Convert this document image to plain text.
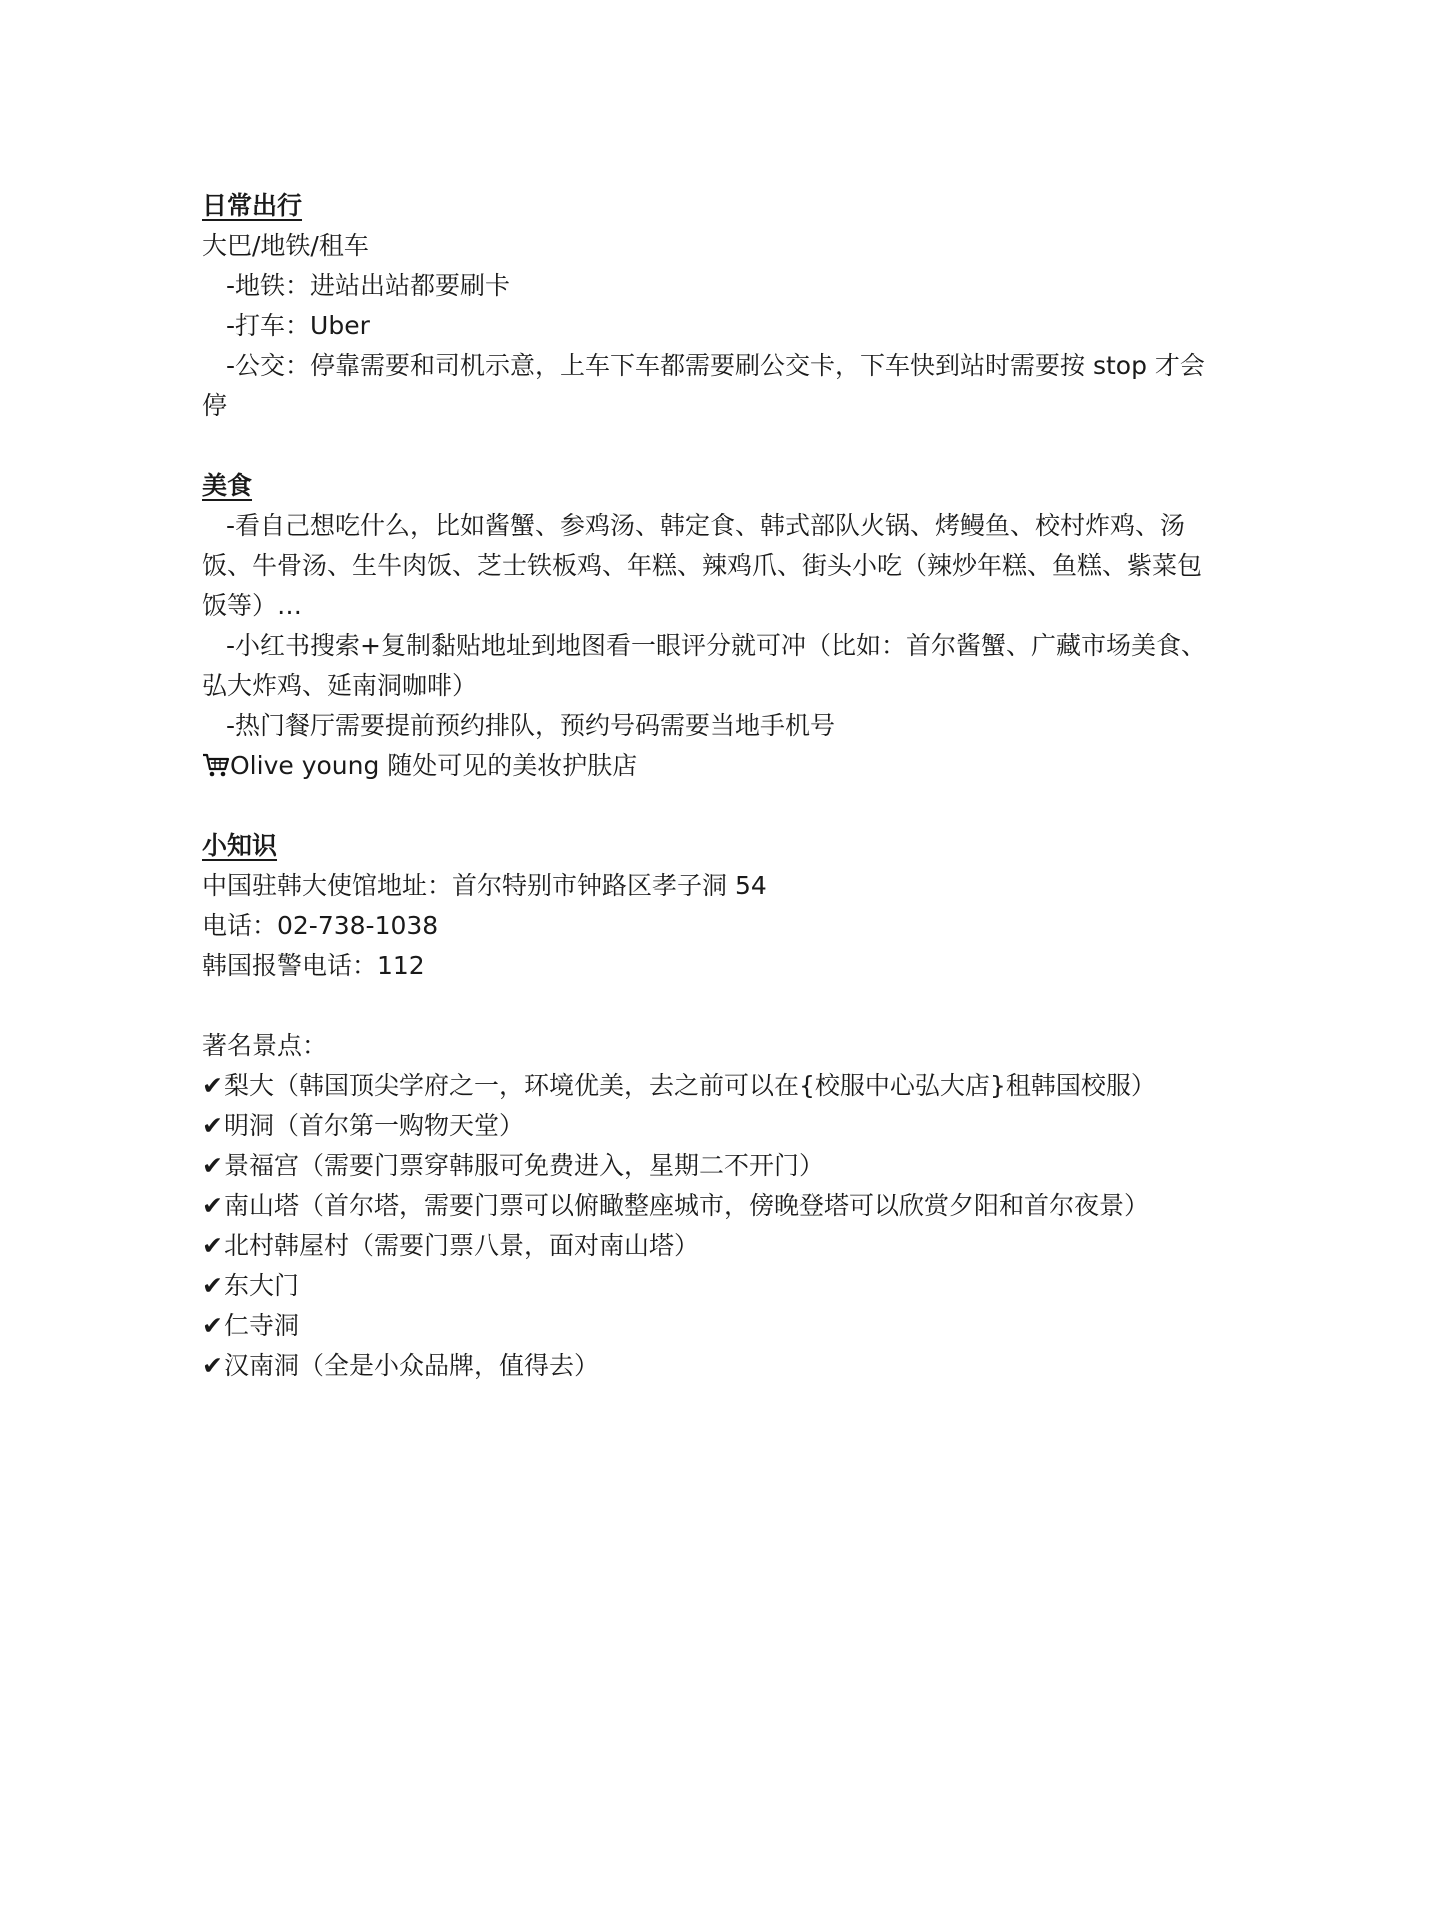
日常出行
大巴/地铁/租车
-地铁：进站出站都要刷卡
-打车：Uber
-公交：停靠需要和司机示意，上车下车都需要刷公交卡，下车快到站时需要按 stop 才会
停
美食
-看自己想吃什么，比如酱蟹、参鸡汤、韩定食、韩式部队火锅、烤鳗鱼、校村炸鸡、汤
饭、牛骨汤、生牛肉饭、芝士铁板鸡、年糕、辣鸡爪、街头小吃（辣炒年糕、鱼糕、紫菜包
饭等）…
-小红书搜索+复制黏贴地址到地图看一眼评分就可冲（比如：首尔酱蟹、广藏市场美食、
弘大炸鸡、延南洞咖啡）
-热门餐厅需要提前预约排队，预约号码需要当地手机号
Olive young 随处可见的美妆护肤店
小知识
中国驻韩大使馆地址：首尔特别市钟路区孝子洞 54
电话：02-738-1038
韩国报警电话：112
著名景点：
✔梨大（韩国顶尖学府之一，环境优美，去之前可以在{校服中心弘大店}租韩国校服）
✔明洞（首尔第一购物天堂）
✔景福宫（需要门票穿韩服可免费进入，星期二不开门）
✔南山塔（首尔塔，需要门票可以俯瞰整座城市，傍晚登塔可以欣赏夕阳和首尔夜景）
✔北村韩屋村（需要门票八景，面对南山塔）
✔东大门
✔仁寺洞
✔汉南洞（全是小众品牌，值得去）
